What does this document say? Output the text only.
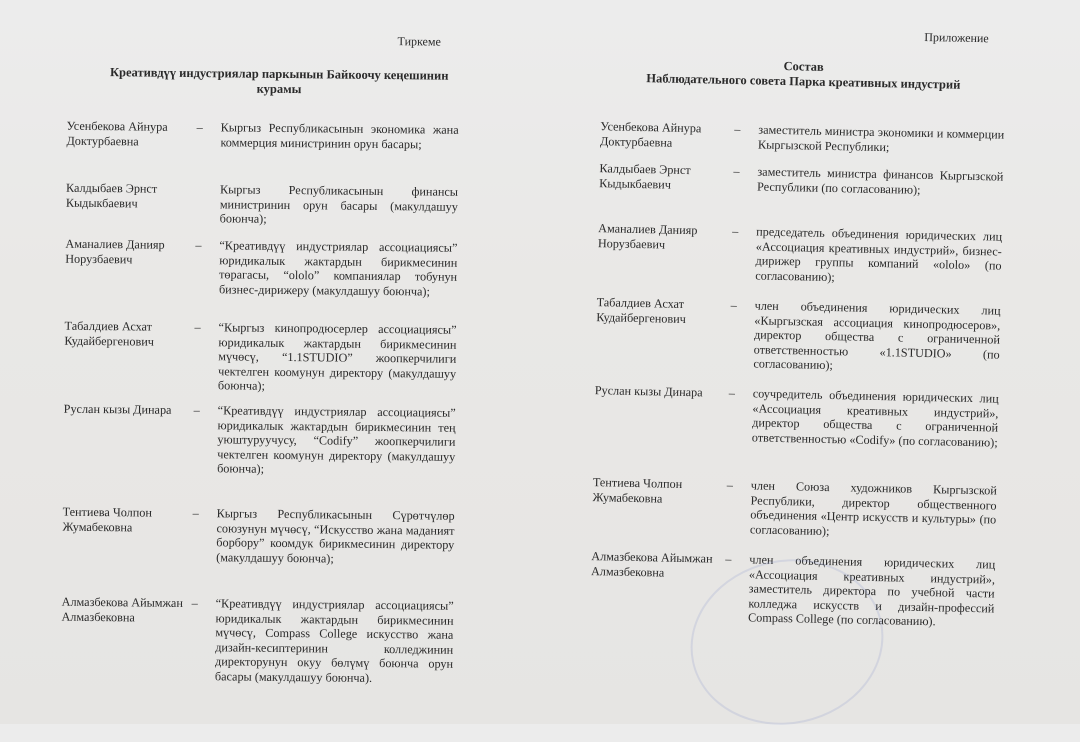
Тиркеме
Креативдүү индустриялар паркынын Байкоочу кеңешинин
курамы
Усенбекова Айнура Доктурбаевна
–	Кыргыз Республикасынын экономика жана коммерция министринин орун басары;
Калдыбаев Эрнст Кыдыкбаевич
Кыргыз Республикасынын финансы министринин орун басары (макулдашуу боюнча);
Аманалиев Данияр Норузбаевич
–	“Креативдүү индустриялар ассоциациясы” юридикалык жактардын бирикмесинин төрагасы, “ololo” компаниялар тобунун бизнес-дирижеру (макулдашуу боюнча);
Табалдиев Асхат Кудайбергенович
–	“Кыргыз кинопродюсерлер ассоциациясы” юридикалык жактардын бирикмесинин мүчөсү, “1.1STUDIO” жоопкерчилиги чектелген коомунун директору (макулдашуу боюнча);
Руслан кызы Динара	–	“Креативдүү индустриялар ассоциациясы” юридикалык жактардын бирикмесинин тең уюштуруучусу, “Codify” жоопкерчилиги чектелген коомунун директору (макулдашуу боюнча);
Тентиева Чолпон Жумабековна
–	Кыргыз Республикасынын Сүрөтчүлөр союзунун мүчөсү, “Искусство жана маданият борбору” коомдук бирикмесинин директору (макулдашуу боюнча);
Алмазбекова Айымжан Алмазбековна
–	“Креативдүү индустриялар ассоциациясы” юридикалык жактардын бирикмесинин мүчөсү, Compass College искусство жана дизайн-кесиптеринин колледжинин директорунун окуу бөлүмү боюнча орун басары (макулдашуу боюнча).
Приложение
Состав
Наблюдательного совета Парка креативных индустрий
Усенбекова Айнура Доктурбаевна
–	заместитель министра экономики и коммерции Кыргызской Республики;
Калдыбаев Эрнст Кыдыкбаевич
–	заместитель министра финансов Кыргызской Республики (по согласованию);
Аманалиев Данияр Норузбаевич
–	председатель объединения юридических лиц «Ассоциация креативных индустрий», бизнес-дирижер группы компаний «ololo» (по согласованию);
Табалдиев Асхат Кудайбергенович
–	член объединения юридических лиц «Кыргызская ассоциация кинопродюсеров», директор общества с ограниченной ответственностью «1.1STUDIO» (по согласованию);
Руслан кызы Динара	–	соучредитель объединения юридических лиц «Ассоциация креативных индустрий», директор общества с ограниченной ответственностью «Codify» (по согласованию);
Тентиева Чолпон Жумабековна
–	член Союза художников Кыргызской Республики, директор общественного объединения «Центр искусств и культуры» (по согласованию);
Алмазбекова Айымжан Алмазбековна
–	член объединения юридических лиц «Ассоциация креативных индустрий», заместитель директора по учебной части колледжа искусств и дизайн-профессий Compass College (по согласованию).
